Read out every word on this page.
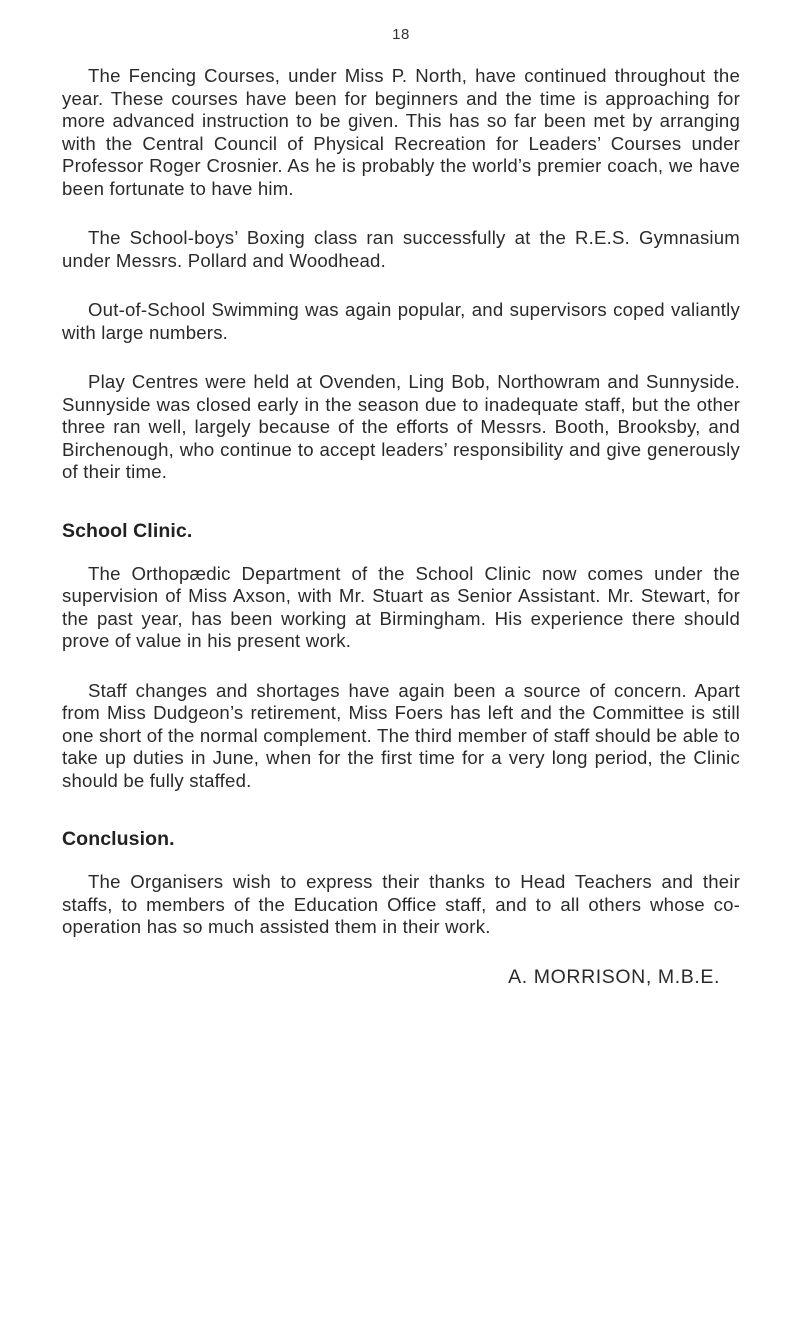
18

The Fencing Courses, under Miss P. North, have continued throughout the year. These courses have been for beginners and the time is approaching for more advanced instruction to be given. This has so far been met by arranging with the Central Council of Physical Recreation for Leaders’ Courses under Professor Roger Crosnier. As he is probably the world’s premier coach, we have been fortunate to have him.

The School-boys’ Boxing class ran successfully at the R.E.S. Gymnasium under Messrs. Pollard and Woodhead.

Out-of-School Swimming was again popular, and supervisors coped valiantly with large numbers.

Play Centres were held at Ovenden, Ling Bob, Northowram and Sunnyside. Sunnyside was closed early in the season due to inadequate staff, but the other three ran well, largely because of the efforts of Messrs. Booth, Brooksby, and Birchenough, who continue to accept leaders’ responsibility and give generously of their time.

School Clinic.

The Orthopædic Department of the School Clinic now comes under the supervision of Miss Axson, with Mr. Stuart as Senior Assistant. Mr. Stewart, for the past year, has been working at Birmingham. His experience there should prove of value in his present work.

Staff changes and shortages have again been a source of concern. Apart from Miss Dudgeon’s retirement, Miss Foers has left and the Committee is still one short of the normal complement. The third member of staff should be able to take up duties in June, when for the first time for a very long period, the Clinic should be fully staffed.

Conclusion.

The Organisers wish to express their thanks to Head Teachers and their staffs, to members of the Education Office staff, and to all others whose co-operation has so much assisted them in their work.

A. MORRISON, M.B.E.
